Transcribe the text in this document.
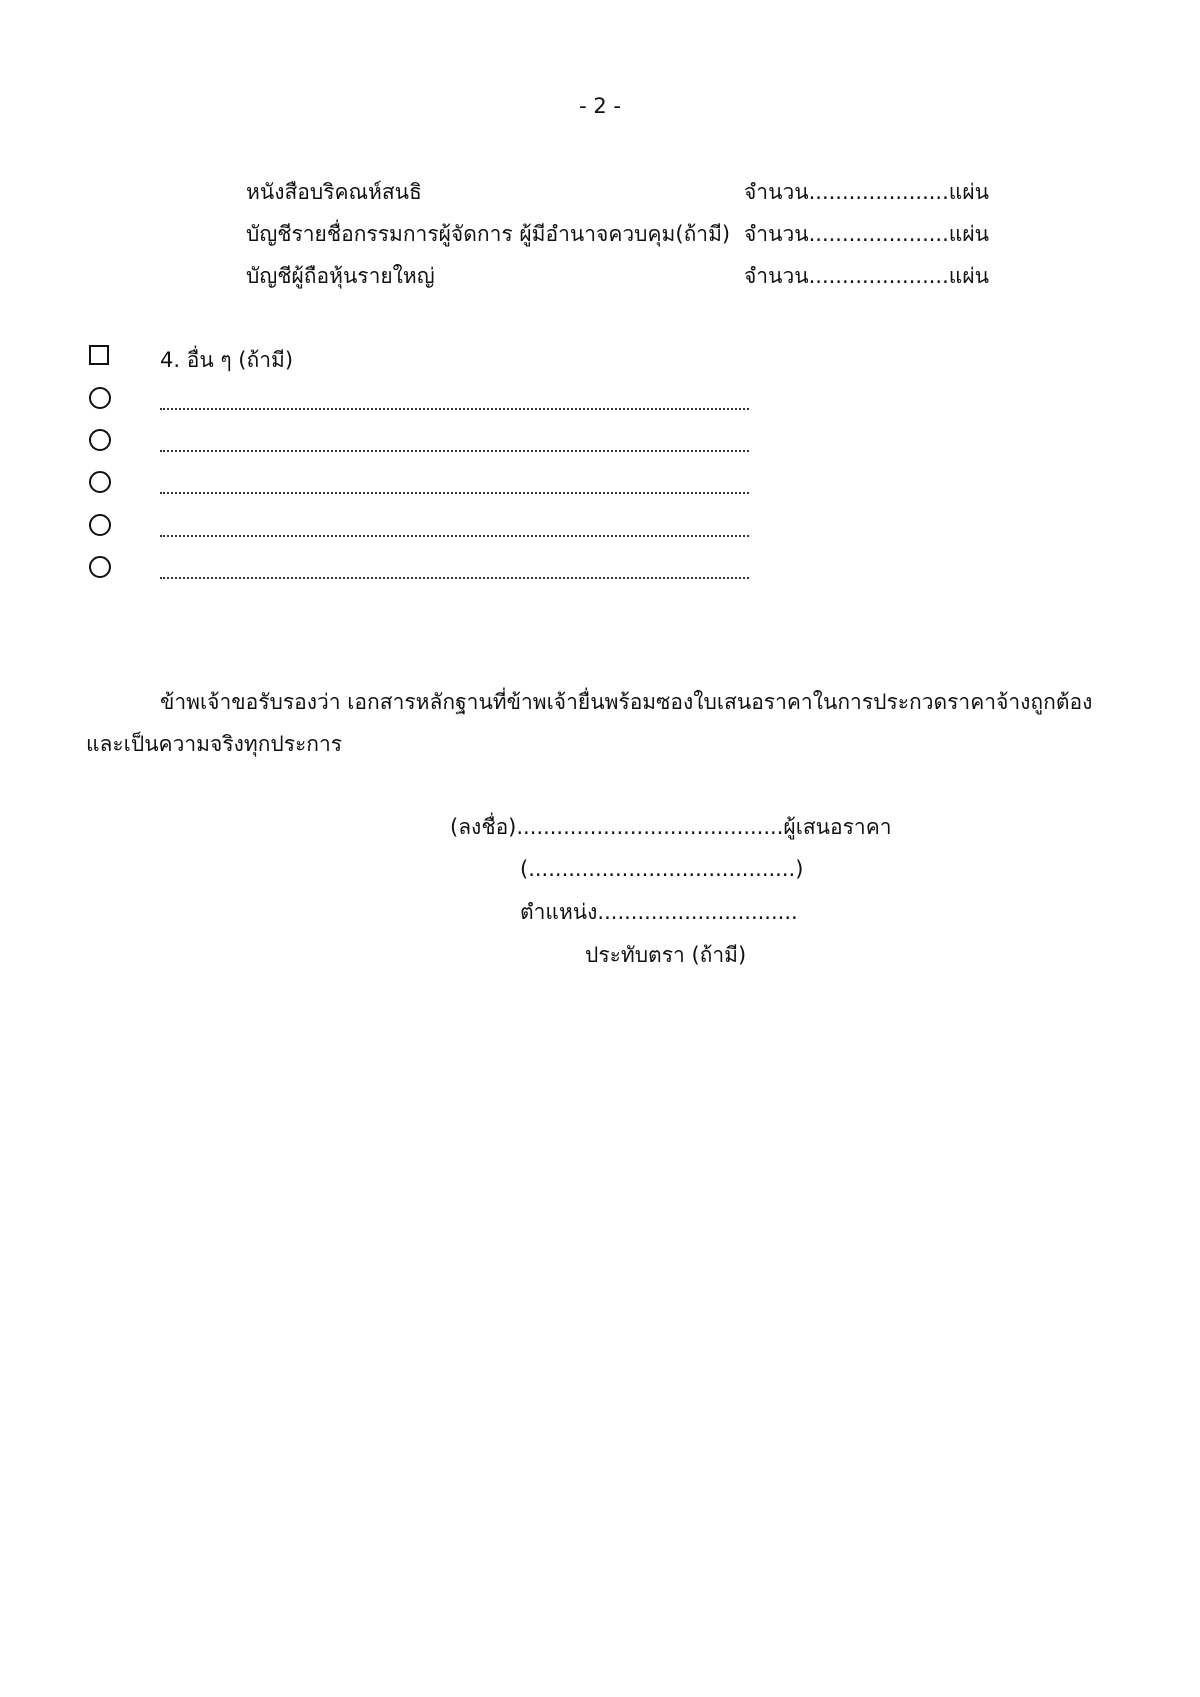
- 2 -
หนังสือบริคณห์สนธิ	จำนวน.....................แผ่น
บัญชีรายชื่อกรรมการผู้จัดการ ผู้มีอำนาจควบคุม(ถ้ามี) จำนวน.....................แผ่น
บัญชีผู้ถือหุ้นรายใหญ่	จำนวน.....................แผ่น
4. อื่น ๆ (ถ้ามี)
ข้าพเจ้าขอรับรองว่า เอกสารหลักฐานที่ข้าพเจ้ายื่นพร้อมซองใบเสนอราคาในการประกวดราคาจ้างถูกต้องและเป็นความจริงทุกประการ
(ลงชื่อ)........................................ผู้เสนอราคา
(........................................)
ตำแหน่ง..............................
ประทับตรา (ถ้ามี)
